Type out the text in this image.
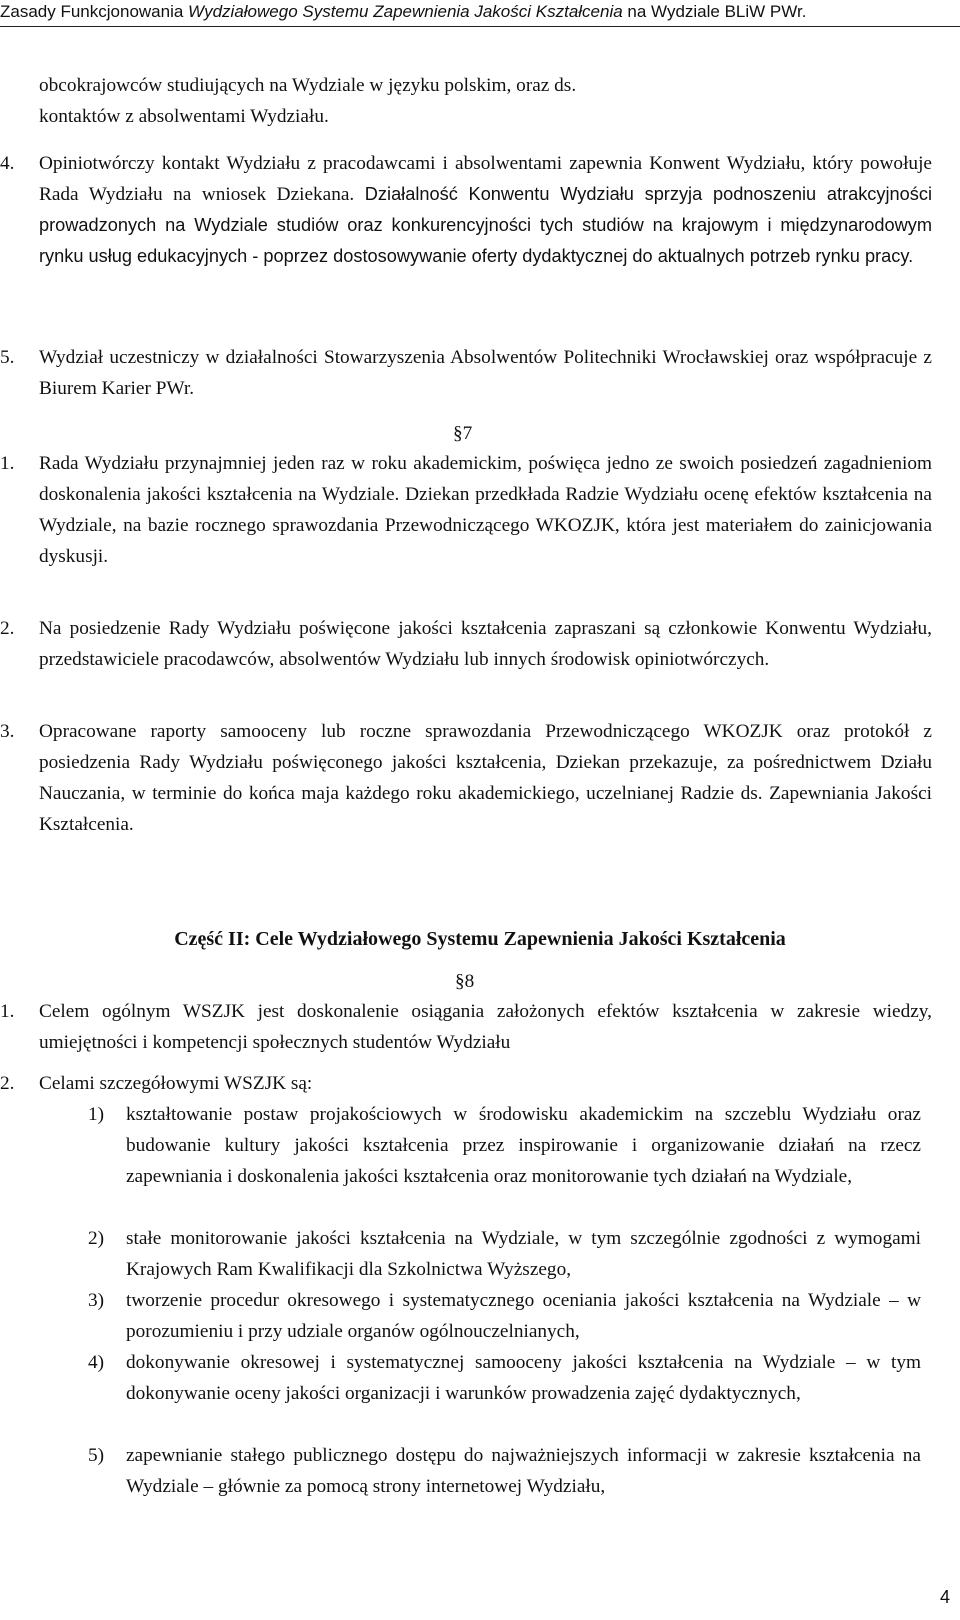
Zasady Funkcjonowania Wydziałowego Systemu Zapewnienia Jakości Kształcenia na Wydziale BLiW PWr.

obcokrajowców studiujących na Wydziale w języku polskim, oraz ds.
kontaktów z absolwentami Wydziału.

4. Opiniotwórczy kontakt Wydziału z pracodawcami i absolwentami zapewnia Konwent Wydziału, który powołuje Rada Wydziału na wniosek Dziekana. Działalność Konwentu Wydziału sprzyja podnoszeniu atrakcyjności prowadzonych na Wydziale studiów oraz konkurencyjności tych studiów na krajowym i międzynarodowym rynku usług edukacyjnych - poprzez dostosowywanie oferty dydaktycznej do aktualnych potrzeb rynku pracy.

5. Wydział uczestniczy w działalności Stowarzyszenia Absolwentów Politechniki Wrocławskiej oraz współpracuje z Biurem Karier PWr.

§7

1. Rada Wydziału przynajmniej jeden raz w roku akademickim, poświęca jedno ze swoich posiedzeń zagadnieniom doskonalenia jakości kształcenia na Wydziale. Dziekan przedkłada Radzie Wydziału ocenę efektów kształcenia na Wydziale, na bazie rocznego sprawozdania Przewodniczącego WKOZJK, która jest materiałem do zainicjowania dyskusji.

2. Na posiedzenie Rady Wydziału poświęcone jakości kształcenia zapraszani są członkowie Konwentu Wydziału, przedstawiciele pracodawców, absolwentów Wydziału lub innych środowisk opiniotwórczych.

3. Opracowane raporty samooceny lub roczne sprawozdania Przewodniczącego WKOZJK oraz protokół z posiedzenia Rady Wydziału poświęconego jakości kształcenia, Dziekan przekazuje, za pośrednictwem Działu Nauczania, w terminie do końca maja każdego roku akademickiego, uczelnianej Radzie ds. Zapewniania Jakości Kształcenia.

Część II: Cele Wydziałowego Systemu Zapewnienia Jakości Kształcenia
§8

1. Celem ogólnym WSZJK jest doskonalenie osiągania założonych efektów kształcenia w zakresie wiedzy, umiejętności i kompetencji społecznych studentów Wydziału

2. Celami szczegółowymi WSZJK są:

1) kształtowanie postaw projakościowych w środowisku akademickim na szczeblu Wydziału oraz budowanie kultury jakości kształcenia przez inspirowanie i organizowanie działań na rzecz zapewniania i doskonalenia jakości kształcenia oraz monitorowanie tych działań na Wydziale,

2) stałe monitorowanie jakości kształcenia na Wydziale, w tym szczególnie zgodności z wymogami Krajowych Ram Kwalifikacji dla Szkolnictwa Wyższego,

3) tworzenie procedur okresowego i systematycznego oceniania jakości kształcenia na Wydziale – w porozumieniu i przy udziale organów ogólnouczelnianych,

4) dokonywanie okresowej i systematycznej samooceny jakości kształcenia na Wydziale – w tym dokonywanie oceny jakości organizacji i warunków prowadzenia zajęć dydaktycznych,

5) zapewnianie stałego publicznego dostępu do najważniejszych informacji w zakresie kształcenia na Wydziale – głównie za pomocą strony internetowej Wydziału,

4
